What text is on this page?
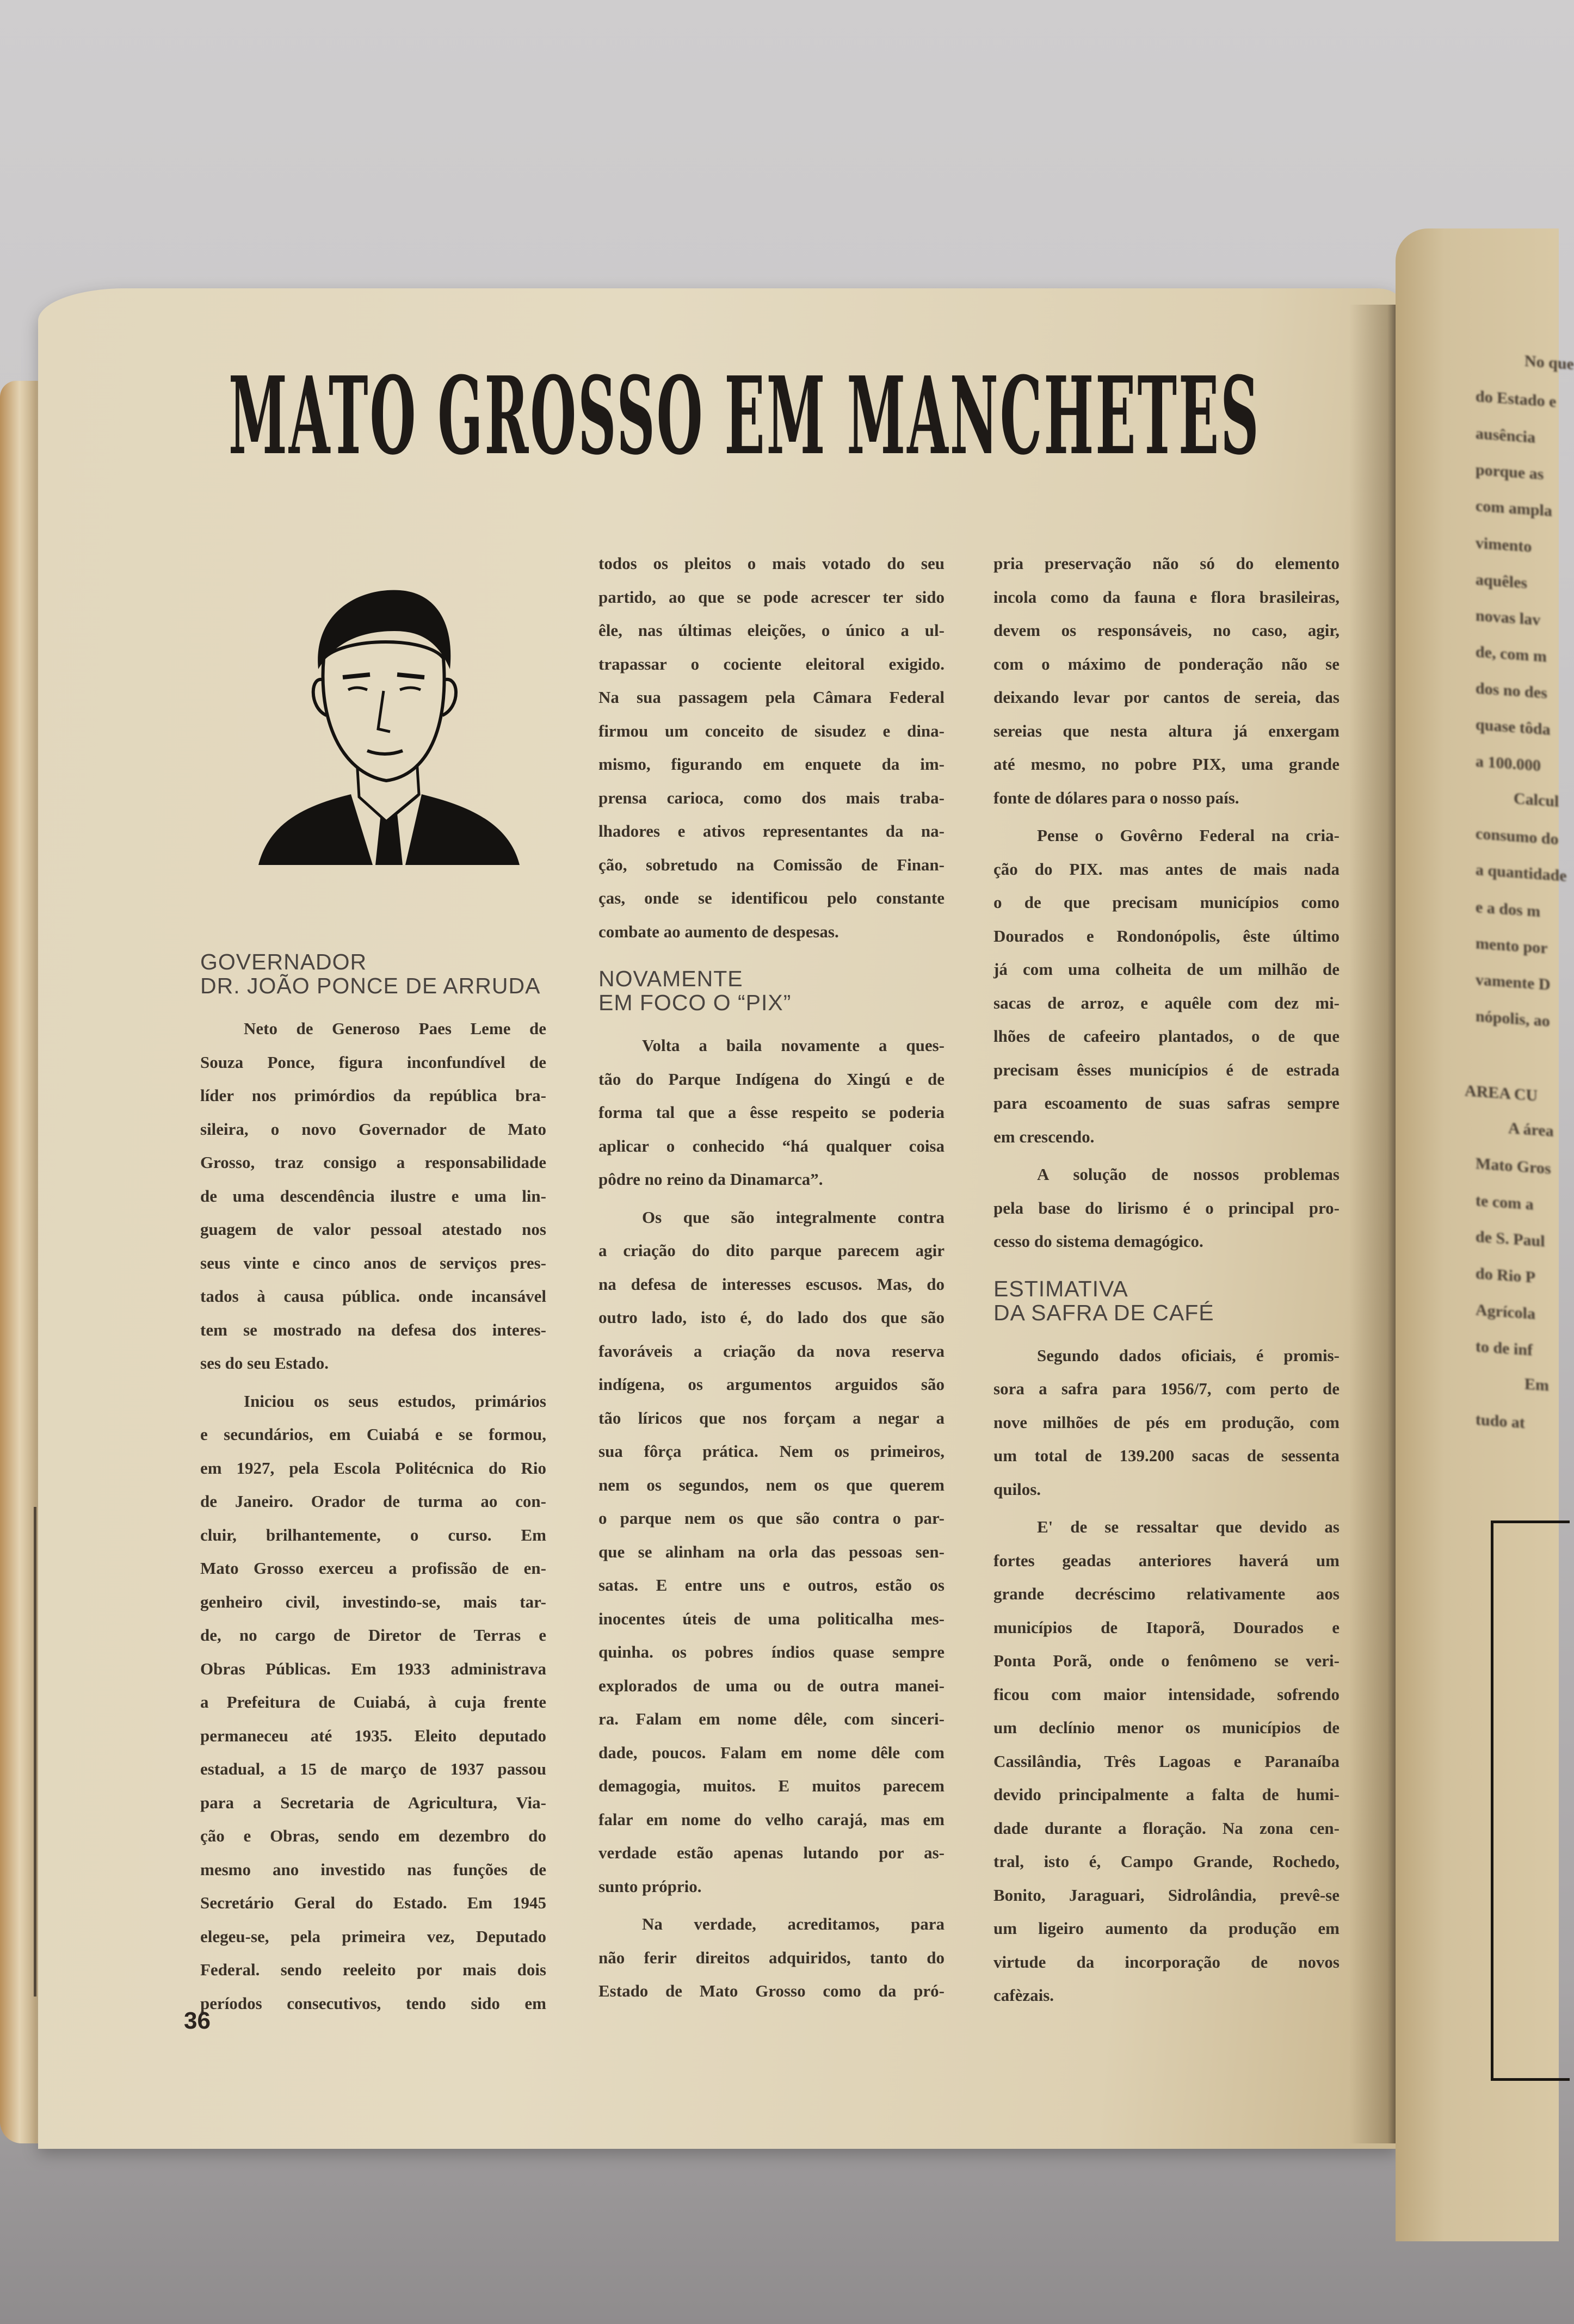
No que
do Estado e
ausência
porque as
com ampla
vimento
aquêles
novas lav
de, com m
dos no des
quase tôda
a 100.000
Calcul
consumo do
a quantidade
e a dos m
mento por
vamente D
nópolis, ao
AREA CU
A área
Mato Gros
te com a
de S. Paul
do Rio P
Agrícola
to de inf
Em
tudo at
MATO GROSSO EM MANCHETES
GOVERNADOR
DR. JOÃO PONCE DE ARRUDA
Neto de Generoso Paes Leme de
Souza Ponce, figura inconfundível de
líder nos primórdios da república bra-
sileira, o novo Governador de Mato
Grosso, traz consigo a responsabilidade
de uma descendência ilustre e uma lin-
guagem de valor pessoal atestado nos
seus vinte e cinco anos de serviços pres-
tados à causa pública. onde incansável
tem se mostrado na defesa dos interes-
ses do seu Estado.
Iniciou os seus estudos, primários
e secundários, em Cuiabá e se formou,
em 1927, pela Escola Politécnica do Rio
de Janeiro. Orador de turma ao con-
cluir, brilhantemente, o curso. Em
Mato Grosso exerceu a profissão de en-
genheiro civil, investindo-se, mais tar-
de, no cargo de Diretor de Terras e
Obras Públicas. Em 1933 administrava
a Prefeitura de Cuiabá, à cuja frente
permaneceu até 1935. Eleito deputado
estadual, a 15 de março de 1937 passou
para a Secretaria de Agricultura, Via-
ção e Obras, sendo em dezembro do
mesmo ano investido nas funções de
Secretário Geral do Estado. Em 1945
elegeu-se, pela primeira vez, Deputado
Federal. sendo reeleito por mais dois
períodos consecutivos, tendo sido em
todos os pleitos o mais votado do seu
partido, ao que se pode acrescer ter sido
êle, nas últimas eleições, o único a ul-
trapassar o cociente eleitoral exigido.
Na sua passagem pela Câmara Federal
firmou um conceito de sisudez e dina-
mismo, figurando em enquete da im-
prensa carioca, como dos mais traba-
lhadores e ativos representantes da na-
ção, sobretudo na Comissão de Finan-
ças, onde se identificou pelo constante
combate ao aumento de despesas.
NOVAMENTE
EM FOCO O “PIX”
Volta a baila novamente a ques-
tão do Parque Indígena do Xingú e de
forma tal que a êsse respeito se poderia
aplicar o conhecido “há qualquer coisa
pôdre no reino da Dinamarca”.
Os que são integralmente contra
a criação do dito parque parecem agir
na defesa de interesses escusos. Mas, do
outro lado, isto é, do lado dos que são
favoráveis a criação da nova reserva
indígena, os argumentos arguidos são
tão líricos que nos forçam a negar a
sua fôrça prática. Nem os primeiros,
nem os segundos, nem os que querem
o parque nem os que são contra o par-
que se alinham na orla das pessoas sen-
satas. E entre uns e outros, estão os
inocentes úteis de uma politicalha mes-
quinha. os pobres índios quase sempre
explorados de uma ou de outra manei-
ra. Falam em nome dêle, com sinceri-
dade, poucos. Falam em nome dêle com
demagogia, muitos. E muitos parecem
falar em nome do velho carajá, mas em
verdade estão apenas lutando por as-
sunto próprio.
Na verdade, acreditamos, para
não ferir direitos adquiridos, tanto do
Estado de Mato Grosso como da pró-
pria preservação não só do elemento
incola como da fauna e flora brasileiras,
devem os responsáveis, no caso, agir,
com o máximo de ponderação não se
deixando levar por cantos de sereia, das
sereias que nesta altura já enxergam
até mesmo, no pobre PIX, uma grande
fonte de dólares para o nosso país.
Pense o Govêrno Federal na cria-
ção do PIX. mas antes de mais nada
o de que precisam municípios como
Dourados e Rondonópolis, êste último
já com uma colheita de um milhão de
sacas de arroz, e aquêle com dez mi-
lhões de cafeeiro plantados, o de que
precisam êsses municípios é de estrada
para escoamento de suas safras sempre
em crescendo.
A solução de nossos problemas
pela base do lirismo é o principal pro-
cesso do sistema demagógico.
ESTIMATIVA
DA SAFRA DE CAFÉ
Segundo dados oficiais, é promis-
sora a safra para 1956/7, com perto de
nove milhões de pés em produção, com
um total de 139.200 sacas de sessenta
quilos.
E' de se ressaltar que devido as
fortes geadas anteriores haverá um
grande decréscimo relativamente aos
municípios de Itaporã, Dourados e
Ponta Porã, onde o fenômeno se veri-
ficou com maior intensidade, sofrendo
um declínio menor os municípios de
Cassilândia, Três Lagoas e Paranaíba
devido principalmente a falta de humi-
dade durante a floração. Na zona cen-
tral, isto é, Campo Grande, Rochedo,
Bonito, Jaraguari, Sidrolândia, prevê-se
um ligeiro aumento da produção em
virtude da incorporação de novos
cafèzais.
36
